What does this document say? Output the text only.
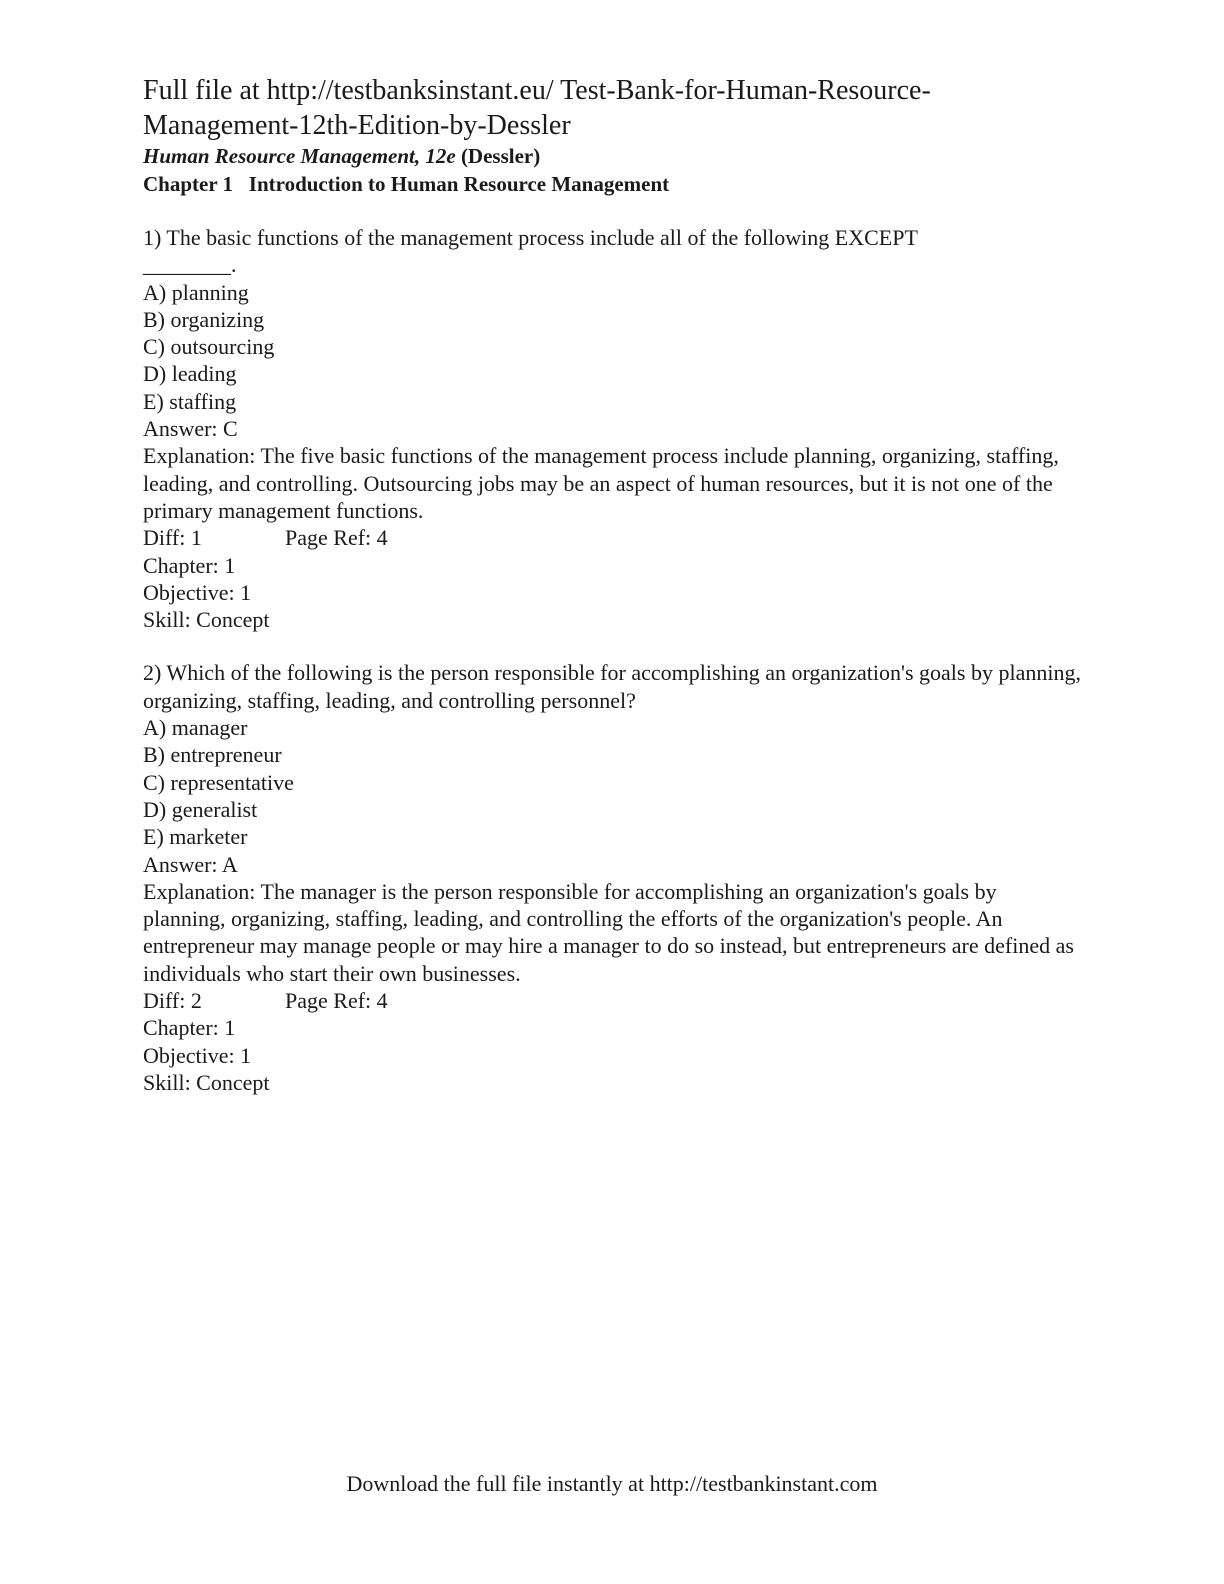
Full file at http://testbanksinstant.eu/ Test-Bank-for-Human-Resource-

Management-12th-Edition-by-Dessler

Human Resource Management, 12e (Dessler)

Chapter 1   Introduction to Human Resource Management

1) The basic functions of the management process include all of the following EXCEPT

________.

A) planning

B) organizing

C) outsourcing

D) leading

E) staffing

Answer: C

Explanation: The five basic functions of the management process include planning, organizing, staffing, leading, and controlling. Outsourcing jobs may be an aspect of human resources, but it is not one of the primary management functions.

Diff: 1	Page Ref: 4

Chapter: 1

Objective: 1

Skill: Concept

2) Which of the following is the person responsible for accomplishing an organization's goals by planning, organizing, staffing, leading, and controlling personnel?

A) manager

B) entrepreneur

C) representative

D) generalist

E) marketer

Answer: A

Explanation: The manager is the person responsible for accomplishing an organization's goals by planning, organizing, staffing, leading, and controlling the efforts of the organization's people. An entrepreneur may manage people or may hire a manager to do so instead, but entrepreneurs are defined as individuals who start their own businesses.

Diff: 2	Page Ref: 4

Chapter: 1

Objective: 1

Skill: Concept

Download the full file instantly at http://testbankinstant.com
